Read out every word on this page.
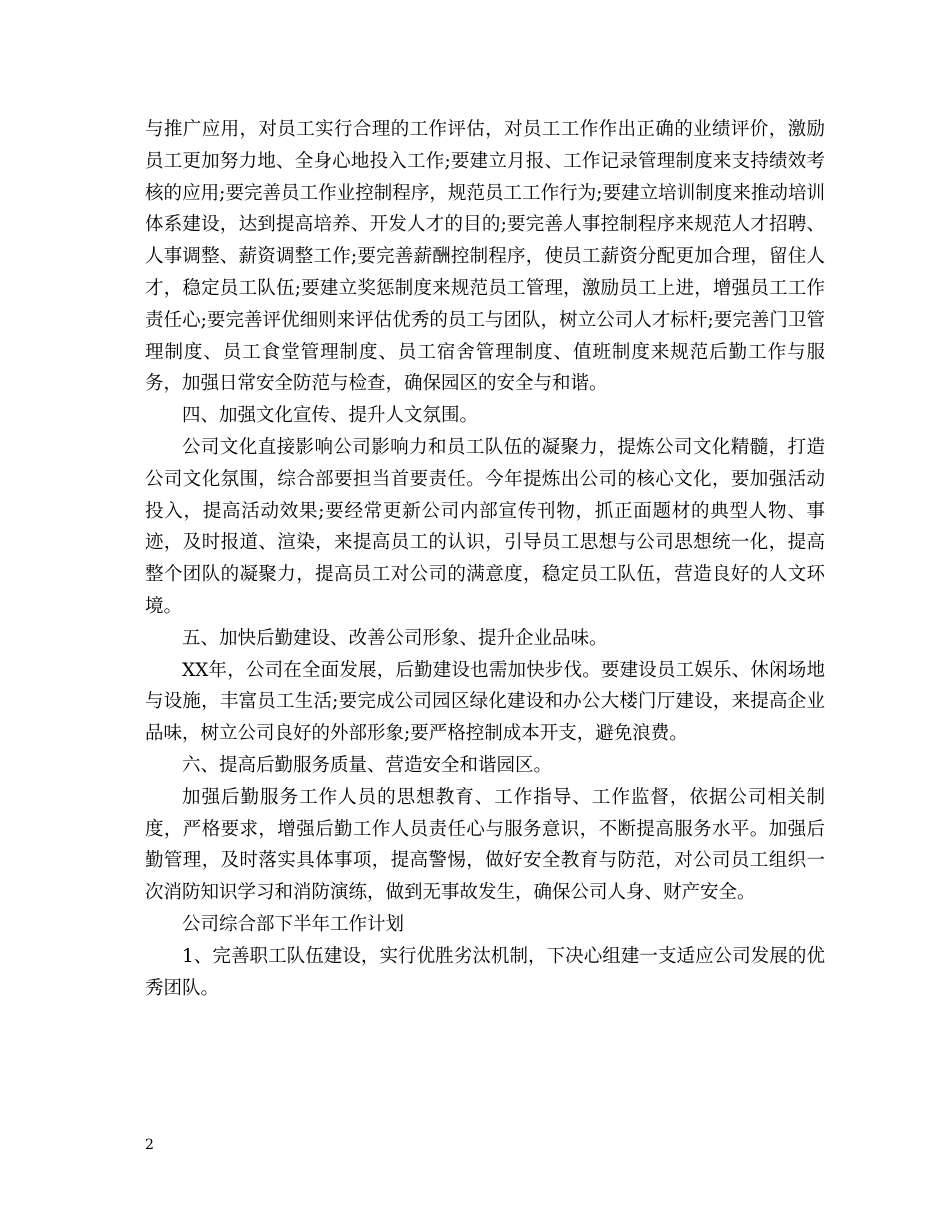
与推广应用，对员工实行合理的工作评估，对员工工作作出正确的业绩评价，激励员工更加努力地、全身心地投入工作;要建立月报、工作记录管理制度来支持绩效考核的应用;要完善员工作业控制程序，规范员工工作行为;要建立培训制度来推动培训体系建设，达到提高培养、开发人才的目的;要完善人事控制程序来规范人才招聘、人事调整、薪资调整工作;要完善薪酬控制程序，使员工薪资分配更加合理，留住人才，稳定员工队伍;要建立奖惩制度来规范员工管理，激励员工上进，增强员工工作责任心;要完善评优细则来评估优秀的员工与团队，树立公司人才标杆;要完善门卫管理制度、员工食堂管理制度、员工宿舍管理制度、值班制度来规范后勤工作与服务，加强日常安全防范与检查，确保园区的安全与和谐。

四、加强文化宣传、提升人文氛围。

公司文化直接影响公司影响力和员工队伍的凝聚力，提炼公司文化精髓，打造公司文化氛围，综合部要担当首要责任。今年提炼出公司的核心文化，要加强活动投入，提高活动效果;要经常更新公司内部宣传刊物，抓正面题材的典型人物、事迹，及时报道、渲染，来提高员工的认识，引导员工思想与公司思想统一化，提高整个团队的凝聚力，提高员工对公司的满意度，稳定员工队伍，营造良好的人文环境。

五、加快后勤建设、改善公司形象、提升企业品味。

XX年，公司在全面发展，后勤建设也需加快步伐。要建设员工娱乐、休闲场地与设施，丰富员工生活;要完成公司园区绿化建设和办公大楼门厅建设，来提高企业品味，树立公司良好的外部形象;要严格控制成本开支，避免浪费。

六、提高后勤服务质量、营造安全和谐园区。

加强后勤服务工作人员的思想教育、工作指导、工作监督，依据公司相关制度，严格要求，增强后勤工作人员责任心与服务意识，不断提高服务水平。加强后勤管理，及时落实具体事项，提高警惕，做好安全教育与防范，对公司员工组织一次消防知识学习和消防演练，做到无事故发生，确保公司人身、财产安全。

公司综合部下半年工作计划

1、完善职工队伍建设，实行优胜劣汰机制，下决心组建一支适应公司发展的优秀团队。

2
